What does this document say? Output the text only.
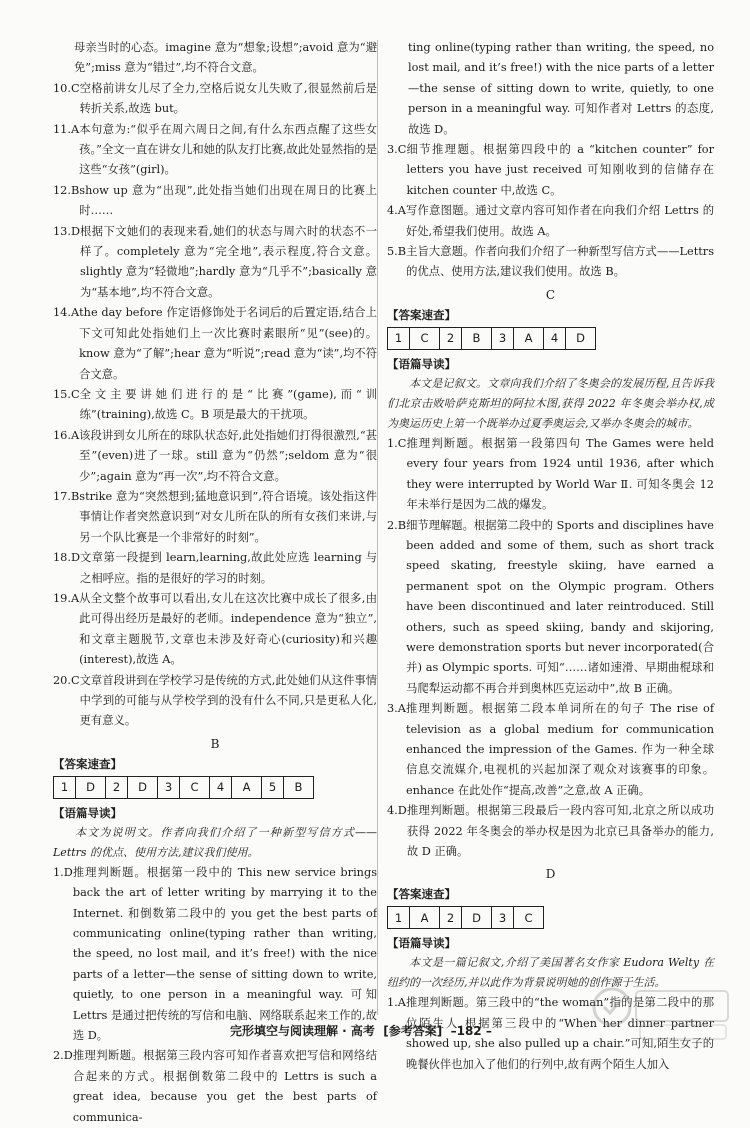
母亲当时的心态。imagine 意为“想象;设想”;avoid 意为“避免”;miss 意为“错过”,均不符合文意。
10.C 空格前讲女儿尽了全力,空格后说女儿失败了,很显然前后是转折关系,故选 but。
11.A 本句意为:“似乎在周六周日之间,有什么东西点醒了这些女孩。”全文一直在讲女儿和她的队友打比赛,故此处显然指的是这些“女孩”(girl)。
12.B show up 意为“出现”,此处指当她们出现在周日的比赛上时……
13.D 根据下文她们的表现来看,她们的状态与周六时的状态不一样了。completely 意为“完全地”,表示程度,符合文意。slightly 意为“轻微地”;hardly 意为“几乎不”;basically 意为“基本地”,均不符合文意。
14.A the day before 作定语修饰处于名词后的后置定语,结合上下文可知此处指她们上一次比赛时素眼所“见”(see)的。know 意为“了解”;hear 意为“听说”;read 意为“读”,均不符合文意。
15.C 全文主要讲她们进行的是“比赛”(game),而“训练”(training),故选 C。B 项是最大的干扰项。
16.A 该段讲到女儿所在的球队状态好,此处指她们打得很激烈,“甚至”(even)进了一球。still 意为“仍然”;seldom 意为“很少”;again 意为“再一次”,均不符合文意。
17.B strike 意为“突然想到;猛地意识到”,符合语境。该处指这件事情让作者突然意识到“对女儿所在队的所有女孩们来讲,与另一个队比赛是一个非常好的时刻”。
18.D 文章第一段提到 learn,learning,故此处应选 learning 与之相呼应。指的是很好的学习的时刻。
19.A 从全文整个故事可以看出,女儿在这次比赛中成长了很多,由此可得出经历是最好的老师。independence 意为“独立”,和文章主题脱节,文章也未涉及好奇心(curiosity)和兴趣(interest),故选 A。
20.C 文章首段讲到在学校学习是传统的方式,此处她们从这件事情中学到的可能与从学校学到的没有什么不同,只是更私人化,更有意义。
B
【答案速查】
1	D	2	D	3	C	4	A	5	B
【语篇导读】
本文为说明文。作者向我们介绍了一种新型写信方式——Lettrs 的优点、使用方法,建议我们使用。
1.D 推理判断题。根据第一段中的 This new service brings back the art of letter writing by marrying it to the Internet. 和倒数第二段中的 you get the best parts of communicating online(typing rather than writing, the speed, no lost mail, and it’s free!) with the nice parts of a letter—the sense of sitting down to write, quietly, to one person in a meaningful way. 可知 Lettrs 是通过把传统的写信和电脑、网络联系起来工作的,故选 D。
2.D 推理判断题。根据第三段内容可知作者喜欢把写信和网络结合起来的方式。根据倒数第二段中的 Lettrs is such a great idea, because you get the best parts of communica-
ting online(typing rather than writing, the speed, no lost mail, and it’s free!) with the nice parts of a letter—the sense of sitting down to write, quietly, to one person in a meaningful way. 可知作者对 Lettrs 的态度,故选 D。
3.C 细节推理题。根据第四段中的 a “kitchen counter” for letters you have just received 可知刚收到的信储存在 kitchen counter 中,故选 C。
4.A 写作意图题。通过文章内容可知作者在向我们介绍 Lettrs 的好处,希望我们使用。故选 A。
5.B 主旨大意题。作者向我们介绍了一种新型写信方式——Lettrs 的优点、使用方法,建议我们使用。故选 B。
C
【答案速查】
1	C	2	B	3	A	4	D
【语篇导读】
本文是记叙文。文章向我们介绍了冬奥会的发展历程,且告诉我们北京击败哈萨克斯坦的阿拉木图,获得 2022 年冬奥会举办权,成为奥运历史上第一个既举办过夏季奥运会,又举办冬奥会的城市。
1.C 推理判断题。根据第一段第四句 The Games were held every four years from 1924 until 1936, after which they were interrupted by World War Ⅱ. 可知冬奥会 12 年未举行是因为二战的爆发。
2.B 细节理解题。根据第二段中的 Sports and disciplines have been added and some of them, such as short track speed skating, freestyle skiing, have earned a permanent spot on the Olympic program. Others have been discontinued and later reintroduced. Still others, such as speed skiing, bandy and skijoring, were demonstration sports but never incorporated(合并) as Olympic sports. 可知“……诸如速滑、早期曲棍球和马爬犁运动都不再合并到奥林匹克运动中”,故 B 正确。
3.A 推理判断题。根据第二段本单词所在的句子 The rise of television as a global medium for communication enhanced the impression of the Games. 作为一种全球信息交流媒介,电视机的兴起加深了观众对该赛事的印象。enhance 在此处作“提高,改善”之意,故 A 正确。
4.D 推理判断题。根据第三段最后一段内容可知,北京之所以成功获得 2022 年冬奥会的举办权是因为北京已具备举办的能力,故 D 正确。
D
【答案速查】
1	A	2	D	3	C
【语篇导读】
本文是一篇记叙文,介绍了美国著名女作家 Eudora Welty 在纽约的一次经历,并以此作为背景说明她的创作源于生活。
1.A 推理判断题。第三段中的“the woman”指的是第二段中的那位陌生人,根据第三段中的“When her dinner partner showed up, she also pulled up a chair.”可知,陌生女子的晚餐伙伴也加入了他们的行列中,故有两个陌生人加入
完形填空与阅读理解 · 高考  [参考答案]  –182 –
